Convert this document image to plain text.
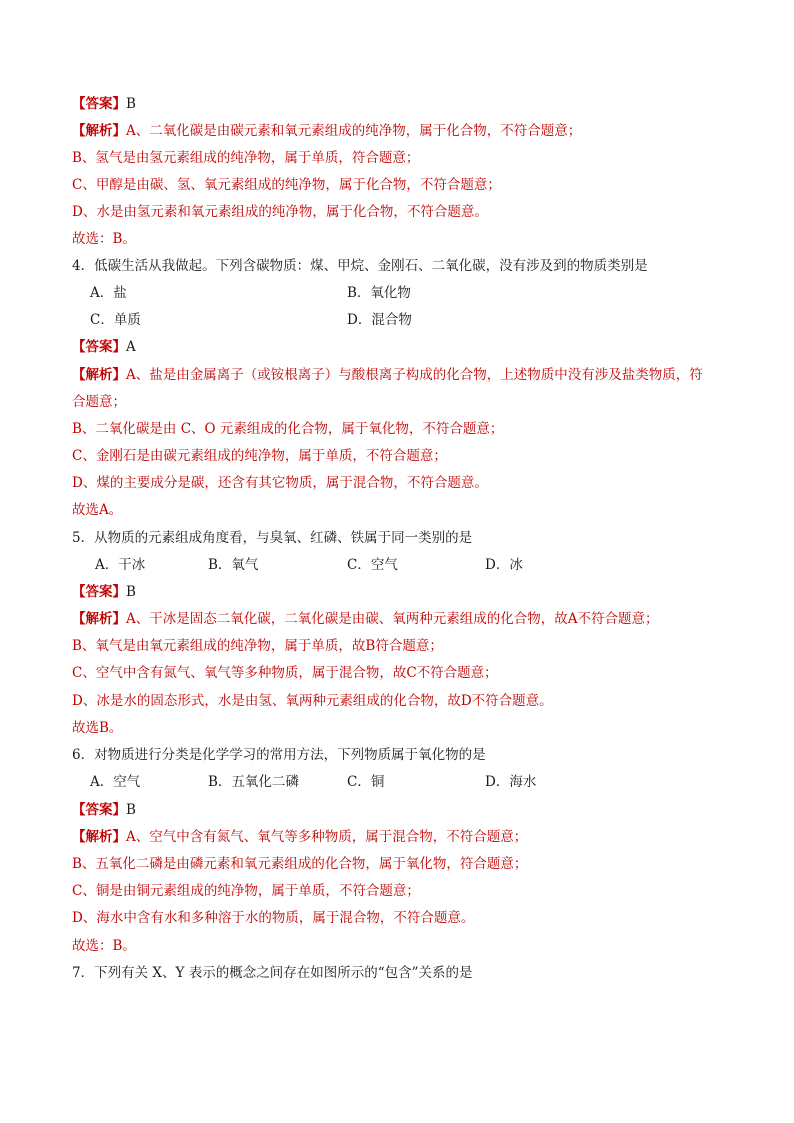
【答案】B
【解析】A、二氧化碳是由碳元素和氧元素组成的纯净物，属于化合物，不符合题意；
B、氢气是由氢元素组成的纯净物，属于单质，符合题意；
C、甲醇是由碳、氢、氧元素组成的纯净物，属于化合物，不符合题意；
D、水是由氢元素和氧元素组成的纯净物，属于化合物，不符合题意。
故选：B。
4．低碳生活从我做起。下列含碳物质：煤、甲烷、金刚石、二氧化碳，没有涉及到的物质类别是
A．盐	B．氧化物
C．单质	D．混合物
【答案】A
【解析】A、盐是由金属离子（或铵根离子）与酸根离子构成的化合物，上述物质中没有涉及盐类物质，符
合题意；
B、二氧化碳是由 C、O 元素组成的化合物，属于氧化物，不符合题意；
C、金刚石是由碳元素组成的纯净物，属于单质，不符合题意；
D、煤的主要成分是碳，还含有其它物质，属于混合物，不符合题意。
故选A。
5．从物质的元素组成角度看，与臭氧、红磷、铁属于同一类别的是
A．干冰	B．氧气	C．空气	D．冰
【答案】B
【解析】A、干冰是固态二氧化碳，二氧化碳是由碳、氧两种元素组成的化合物，故A不符合题意；
B、氧气是由氧元素组成的纯净物，属于单质，故B符合题意；
C、空气中含有氮气、氧气等多种物质，属于混合物，故C不符合题意；
D、冰是水的固态形式，水是由氢、氧两种元素组成的化合物，故D不符合题意。
故选B。
6．对物质进行分类是化学学习的常用方法，下列物质属于氧化物的是
A．空气	B．五氧化二磷	C．铜	D．海水
【答案】B
【解析】A、空气中含有氮气、氧气等多种物质，属于混合物，不符合题意；
B、五氧化二磷是由磷元素和氧元素组成的化合物，属于氧化物，符合题意；
C、铜是由铜元素组成的纯净物，属于单质，不符合题意；
D、海水中含有水和多种溶于水的物质，属于混合物，不符合题意。
故选：B。
7．下列有关 X、Y 表示的概念之间存在如图所示的“包含”关系的是
